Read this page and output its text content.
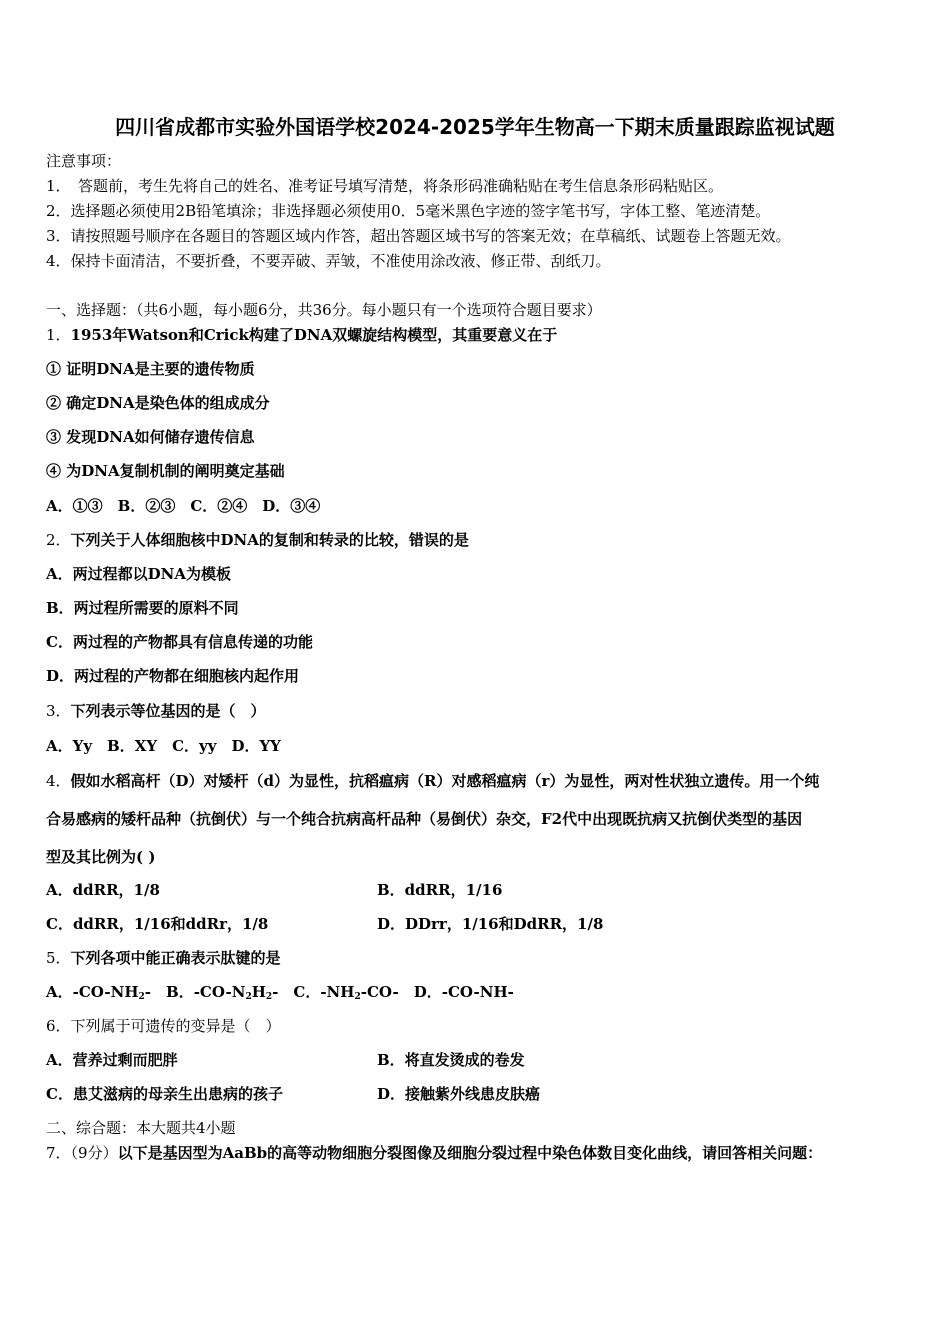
四川省成都市实验外国语学校2024-2025学年生物高一下期末质量跟踪监视试题
注意事项：
1．　答题前，考生先将自己的姓名、准考证号填写清楚，将条形码准确粘贴在考生信息条形码粘贴区。
2．选择题必须使用2B铅笔填涂；非选择题必须使用0．5毫米黑色字迹的签字笔书写，字体工整、笔迹清楚。
3．请按照题号顺序在各题目的答题区域内作答，超出答题区域书写的答案无效；在草稿纸、试题卷上答题无效。
4．保持卡面清洁，不要折叠，不要弄破、弄皱，不准使用涂改液、修正带、刮纸刀。
一、选择题：（共6小题，每小题6分，共36分。每小题只有一个选项符合题目要求）
1．1953年Watson和Crick构建了DNA双螺旋结构模型，其重要意义在于
① 证明DNA是主要的遗传物质
② 确定DNA是染色体的组成成分
③ 发现DNA如何储存遗传信息
④ 为DNA复制机制的阐明奠定基础
A．①③　B．②③　C．②④　D．③④
2．下列关于人体细胞核中DNA的复制和转录的比较，错误的是
A．两过程都以DNA为模板
B．两过程所需要的原料不同
C．两过程的产物都具有信息传递的功能
D．两过程的产物都在细胞核内起作用
3．下列表示等位基因的是（　）
A．Yy　B．XY　C．yy　D．YY
4．假如水稻高杆（D）对矮杆（d）为显性，抗稻瘟病（R）对感稻瘟病（r）为显性，两对性状独立遗传。用一个纯
合易感病的矮杆品种（抗倒伏）与一个纯合抗病高杆品种（易倒伏）杂交，F2代中出现既抗病又抗倒伏类型的基因
型及其比例为( )
A．ddRR，1/8	B．ddRR，1/16
C．ddRR，1/16和ddRr，1/8	D．DDrr，1/16和DdRR，1/8
5．下列各项中能正确表示肽键的是
A．$-CO-NH_2-$　B．$-CO-N_2H_2-$　C．$-NH_2-CO-$　D．-CO-NH-
6．下列属于可遗传的变异是（　）
A．营养过剩而肥胖	B．将直发烫成的卷发
C．患艾滋病的母亲生出患病的孩子	D．接触紫外线患皮肤癌
二、综合题：本大题共4小题
7．（9分）以下是基因型为AaBb的高等动物细胞分裂图像及细胞分裂过程中染色体数目变化曲线，请回答相关问题：
